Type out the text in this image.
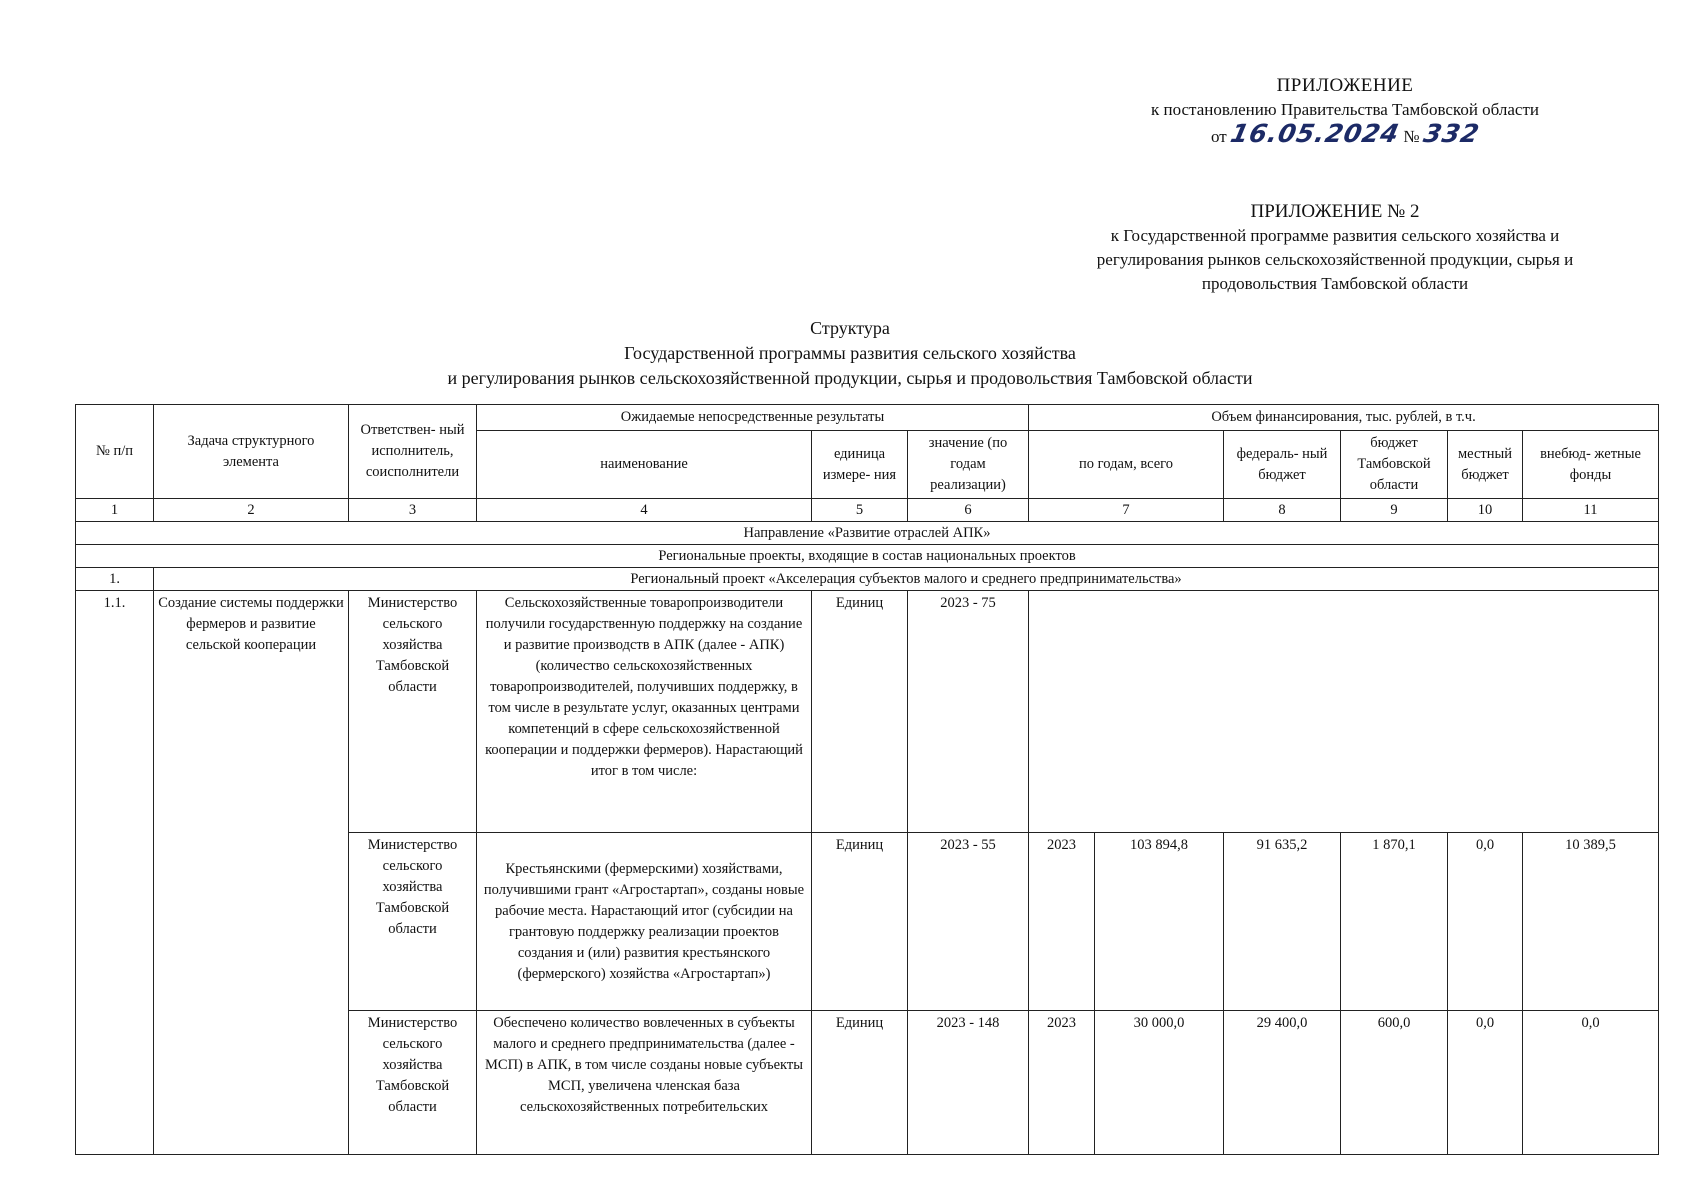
ПРИЛОЖЕНИЕ
к постановлению Правительства Тамбовской области
от 16.05.2024 № 332
ПРИЛОЖЕНИЕ № 2
к Государственной программе развития сельского хозяйства и
регулирования рынков сельскохозяйственной продукции, сырья и
продовольствия Тамбовской области
Структура
Государственной программы развития сельского хозяйства
и регулирования рынков сельскохозяйственной продукции, сырья и продовольствия Тамбовской области
№ п/п	Задача структурного элемента	Ответствен- ный исполнитель, соисполнители	Ожидаемые непосредственные результаты			Объем финансирования, тыс. рублей, в т.ч.					
			наименование	единица измере- ния	значение (по годам реализации)	по годам, всего		федераль- ный бюджет	бюджет Тамбовской области	местный бюджет	внебюд- жетные фонды
1	2	3	4	5	6	7		8	9	10	11
Направление «Развитие отраслей АПК»											
Региональные проекты, входящие в состав национальных проектов											
1.	Региональный проект «Акселерация субъектов малого и среднего предпринимательства»										
1.1.	Создание системы поддержки фермеров и развитие сельской кооперации	Министерство сельского хозяйства Тамбовской области	Сельскохозяйственные товаропроизводители получили государственную поддержку на создание и развитие производств в АПК (далее - АПК) (количество сельскохозяйственных товаропроизводителей, получивших поддержку, в том числе в результате услуг, оказанных центрами компетенций в сфере сельскохозяйственной кооперации и поддержки фермеров). Нарастающий итог в том числе:	Единиц	2023 - 75						
		Министерство сельского хозяйства Тамбовской области	Крестьянскими (фермерскими) хозяйствами, получившими грант «Агростартап», созданы новые рабочие места. Нарастающий итог (субсидии на грантовую поддержку реализации проектов создания и (или) развития крестьянского (фермерского) хозяйства «Агростартап»)	Единиц	2023 - 55	2023	103 894,8	91 635,2	1 870,1	0,0	10 389,5
		Министерство сельского хозяйства Тамбовской области	Обеспечено количество вовлеченных в субъекты малого и среднего предпринимательства (далее - МСП) в АПК, в том числе созданы новые субъекты МСП, увеличена членская база сельскохозяйственных потребительских	Единиц	2023 - 148	2023	30 000,0	29 400,0	600,0	0,0	0,0
